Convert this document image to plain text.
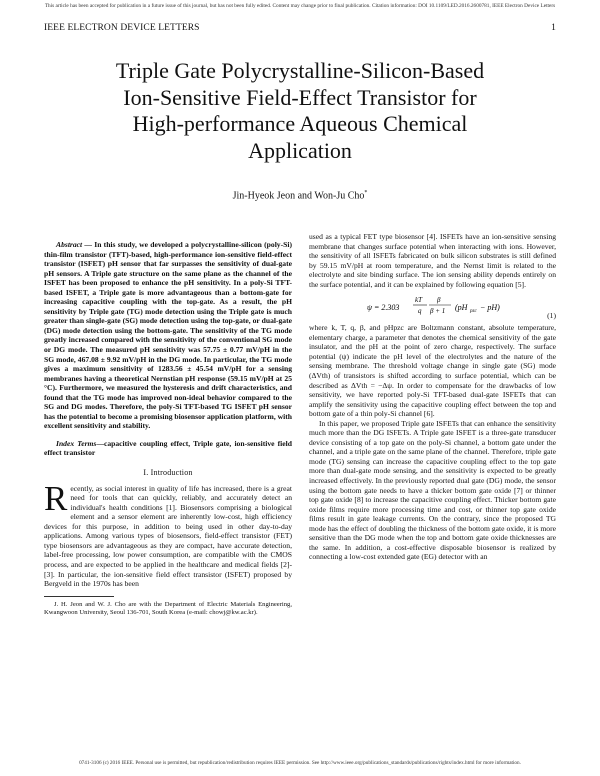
This article has been accepted for publication in a future issue of this journal, but has not been fully edited. Content may change prior to final publication. Citation information: DOI 10.1109/LED.2016.2600781, IEEE Electron Device Letters
IEEE ELECTRON DEVICE LETTERS	1
Triple Gate Polycrystalline-Silicon-Based
Ion-Sensitive Field-Effect Transistor for
High-performance Aqueous Chemical
Application
Jin-Hyeok Jeon and Won-Ju Cho*

Abstract — In this study, we developed a polycrystalline-silicon (poly-Si) thin-film transistor (TFT)-based, high-performance ion-sensitive field-effect transistor (ISFET) pH sensor that far surpasses the sensitivity of dual-gate pH sensors. A Triple gate structure on the same plane as the channel of the ISFET has been proposed to enhance the pH sensitivity. In a poly-Si TFT-based ISFET, a Triple gate is more advantageous than a bottom-gate for increasing capacitive coupling with the top-gate. As a result, the pH sensitivity by Triple gate (TG) mode detection using the Triple gate is much greater than single-gate (SG) mode detection using the top-gate, or dual-gate (DG) mode detection using the bottom-gate. The sensitivity of the TG mode greatly increased compared with the sensitivity of the conventional SG mode or DG mode. The measured pH sensitivity was 57.75 ± 0.77 mV/pH in the SG mode, 467.08 ± 9.92 mV/pH in the DG mode. In particular, the TG mode gives a maximum sensitivity of 1283.56 ± 45.54 mV/pH for a sensing membranes having a theoretical Nernstian pH response (59.15 mV/pH at 25 °C). Furthermore, we measured the hysteresis and drift characteristics, and found that the TG mode has improved non-ideal behavior compared to the SG and DG modes. Therefore, the poly-Si TFT-based TG ISFET pH sensor has the potential to become a promising biosensor application platform, with excellent sensitivity and stability.

Index Terms—capacitive coupling effect, Triple gate, ion-sensitive field effect transistor

I. Introduction

Recently, as social interest in quality of life has increased, there is a great need for tools that can quickly, reliably, and accurately detect an individual's health conditions [1]. Biosensors comprising a biological element and a sensor element are inherently low-cost, high efficiency devices for this purpose, in addition to being used in other day-to-day applications. Among various types of biosensors, field-effect transistor (FET) type biosensors are advantageous as they are compact, have accurate detection, label-free processing, low power consumption, are compatible with the CMOS process, and are expected to be applied in the healthcare and medical fields [2]-[3]. In particular, the ion-sensitive field effect transistor (ISFET) proposed by Bergveld in the 1970s has been

J. H. Jeon and W. J. Cho are with the Department of Electric Materials Engineering, Kwangwoon University, Seoul 136-701, South Korea (e-mail: chowj@kw.ac.kr).

used as a typical FET type biosensor [4]. ISFETs have an ion-sensitive sensing membrane that changes surface potential when interacting with ions. However, the sensitivity of all ISFETs fabricated on bulk silicon substrates is still defined by 59.15 mV/pH at room temperature, and the Nernst limit is related to the electrolyte and site binding surface. The ion sensing ability depends entirely on the surface potential, and it can be explained by following equation [5].

ψ = 2.303
kT
q
β
β + 1 (pH pzc − pH)
(1)

where k, T, q, β, and pHpzc are Boltzmann constant, absolute temperature, elementary charge, a parameter that denotes the chemical sensitivity of the gate insulator, and the pH at the point of zero charge, respectively. The surface potential (ψ) indicate the pH level of the electrolytes and the nature of the sensing membrane. The threshold voltage change in single gate (SG) mode (ΔVth) of transistors is shifted according to surface potential, which can be described as ΔVth = −Δψ. In order to compensate for the drawbacks of low sensitivity, we have reported poly-Si TFT-based dual-gate ISFETs that can amplify the sensitivity using the capacitive coupling effect between the top and bottom gate of a thin poly-Si channel [6].

In this paper, we proposed Triple gate ISFETs that can enhance the sensitivity much more than the DG ISFETs. A Triple gate ISFET is a three-gate transducer device consisting of a top gate on the poly-Si channel, a bottom gate under the channel, and a triple gate on the same plane of the channel. Therefore, triple gate mode (TG) sensing can increase the capacitive coupling effect to the top gate more than dual-gate mode sensing, and the sensitivity is expected to be greatly increased effectively. In the previously reported dual gate (DG) mode, the sensor using the bottom gate needs to have a thicker bottom gate oxide [7] or thinner top gate oxide [8] to increase the capacitive coupling effect. Thicker bottom gate oxide films require more processing time and cost, or thinner top gate oxide films result in gate leakage currents. On the contrary, since the proposed TG mode has the effect of doubling the thickness of the bottom gate oxide, it is more sensitive than the DG mode when the top and bottom gate oxide thicknesses are the same. In addition, a cost-effective disposable biosensor is realized by connecting a low-cost extended gate (EG) detector with an

0741-3106 (c) 2016 IEEE. Personal use is permitted, but republication/redistribution requires IEEE permission. See http://www.ieee.org/publications_standards/publications/rights/index.html for more information.
